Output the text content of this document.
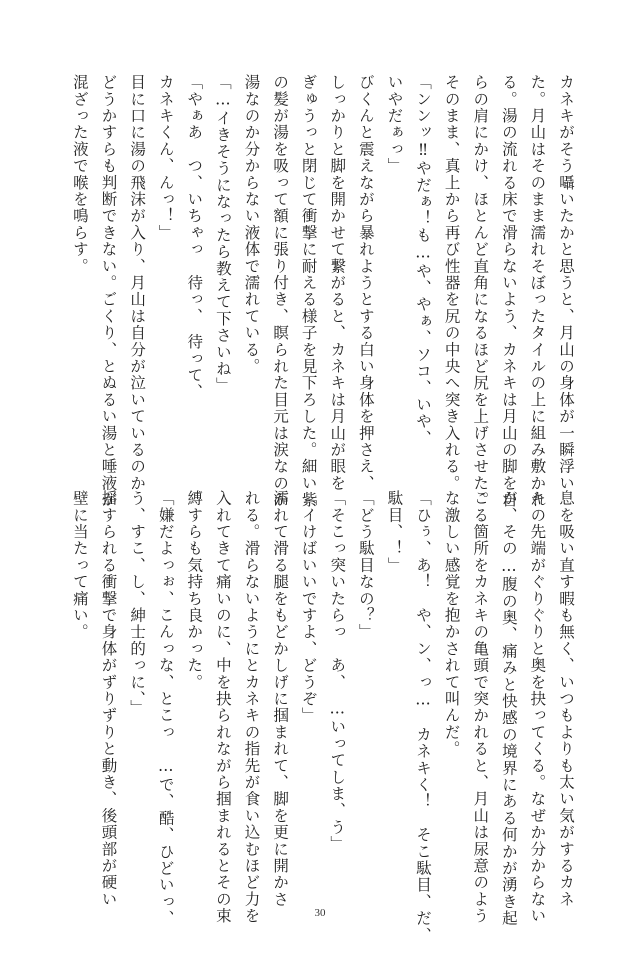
カネキがそう囁いたかと思うと、月山の身体が一瞬浮い

た。月山はそのまま濡れそぼったタイルの上に組み敷かれ

る。湯の流れる床で滑らないよう、カネキは月山の脚を自

らの肩にかけ、ほとんど直角になるほど尻を上げさせた。

そのまま、真上から再び性器を尻の中央へ突き入れる。

「ンンッ‼やだぁ！も…や、やぁ、ソコ、いや、

いやだぁっ」

びくんと震えながら暴れようとする白い身体を押さえ、

しっかりと脚を開かせて繋がると、カネキは月山が眼を

ぎゅうっと閉じて衝撃に耐える様子を見下ろした。細い紫

の髪が湯を吸って額に張り付き、瞑られた目元は涙なのか

湯なのか分からない液体で濡れている。

「…イきそうになったら教えて下さいね」

「やぁあ　つ、いちゃっ　待っ、　待って、

カネキくん、んっ！」

目に口に湯の飛沫が入り、月山は自分が泣いているのか

どうかすらも判断できない。ごくり、とぬるい湯と唾液が

混ざった液で喉を鳴らす。

息を吸い直す暇も無く、いつもよりも太い気がするカネ

キの先端がぐりぐりと奥を抉ってくる。なぜか分からない

が、その…腹の奥、痛みと快感の境界にある何かが湧き起

こる箇所をカネキの亀頭で突かれると、月山は尿意のよう

な激しい感覚を抱かされて叫んだ。

「ひぅ、あ！　や、ン、っ…　カネキく！　そこ駄目、だ、

駄目、！」

「どう駄目なの？」

「そこっ突いたらっ　あ、　…いってしま、う」

「イけばいいですよ、どうぞ」

濡れて滑る腿をもどかしげに掴まれて、脚を更に開かさ

れる。滑らないようにとカネキの指先が食い込むほど力を

入れてきて痛いのに、中を抉られながら掴まれるとその束

縛すらも気持ち良かった。

「嫌だよっぉ、こんっな、とこっ　…で、酷、ひどいっ、

う、すこ、し、紳士的っに、」

揺すられる衝撃で身体がずりずりと動き、後頭部が硬い

壁に当たって痛い。

30
